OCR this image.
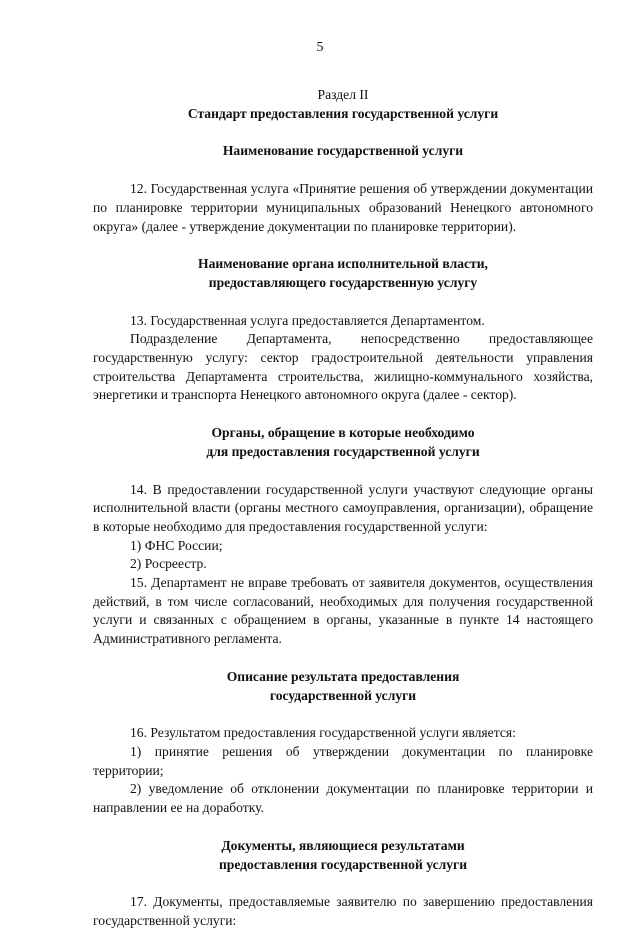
5
Раздел II
Стандарт предоставления государственной услуги
Наименование государственной услуги

12. Государственная услуга «Принятие решения об утверждении документации по планировке территории муниципальных образований Ненецкого автономного округа» (далее - утверждение документации по планировке территории).

Наименование органа исполнительной власти,
предоставляющего государственную услугу

13. Государственная услуга предоставляется Департаментом.

Подразделение Департамента, непосредственно предоставляющее государственную услугу: сектор градостроительной деятельности управления строительства Департамента строительства, жилищно-коммунального хозяйства, энергетики и транспорта Ненецкого автономного округа (далее - сектор).

Органы, обращение в которые необходимо
для предоставления государственной услуги

14. В предоставлении государственной услуги участвуют следующие органы исполнительной власти (органы местного самоуправления, организации), обращение в которые необходимо для предоставления государственной услуги:

1) ФНС России;

2) Росреестр.

15. Департамент не вправе требовать от заявителя документов, осуществления действий, в том числе согласований, необходимых для получения государственной услуги и связанных с обращением в органы, указанные в пункте 14 настоящего Административного регламента.

Описание результата предоставления
государственной услуги

16. Результатом предоставления государственной услуги является:

1) принятие решения об утверждении документации по планировке территории;

2) уведомление об отклонении документации по планировке территории и направлении ее на доработку.

Документы, являющиеся результатами
предоставления государственной услуги

17. Документы, предоставляемые заявителю по завершению предоставления государственной услуги:
